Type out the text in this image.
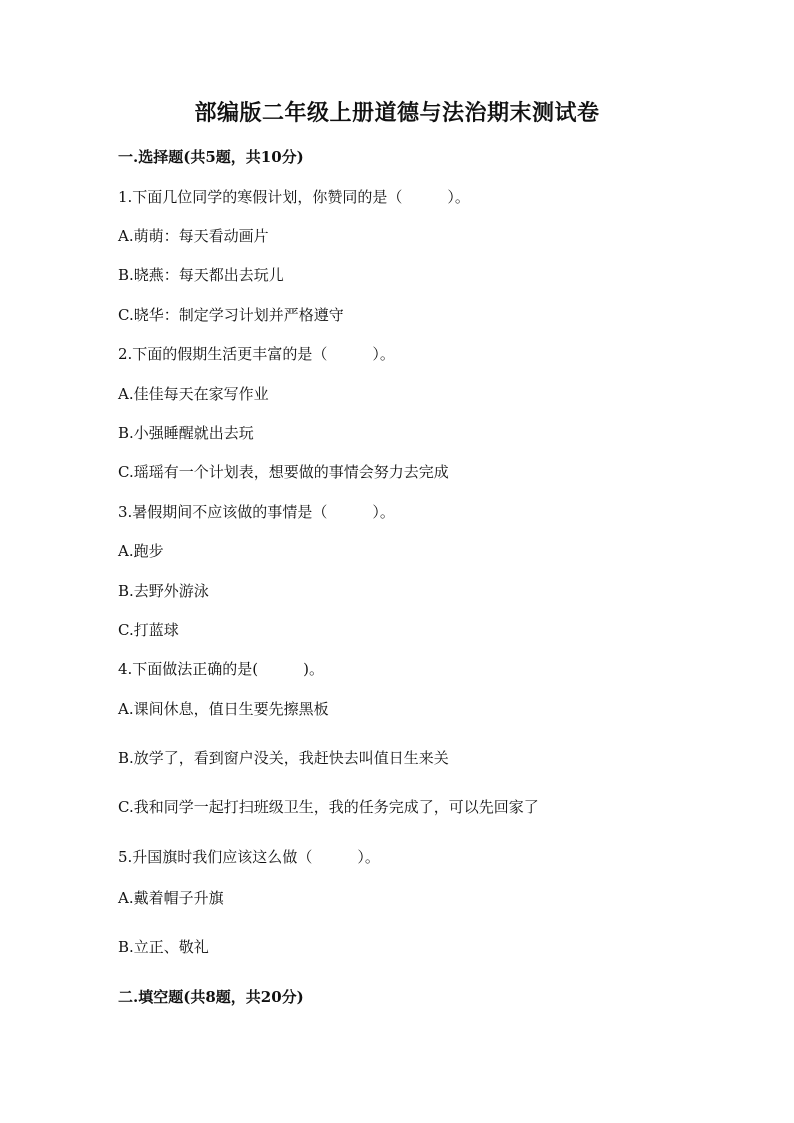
部编版二年级上册道德与法治期末测试卷
一.选择题(共5题，共10分)
1.下面几位同学的寒假计划，你赞同的是（　　　）。
A.萌萌：每天看动画片
B.晓燕：每天都出去玩儿
C.晓华：制定学习计划并严格遵守
2.下面的假期生活更丰富的是（　　　）。
A.佳佳每天在家写作业
B.小强睡醒就出去玩
C.瑶瑶有一个计划表，想要做的事情会努力去完成
3.暑假期间不应该做的事情是（　　　）。
A.跑步
B.去野外游泳
C.打蓝球
4.下面做法正确的是(　　　)。
A.课间休息，值日生要先擦黑板
B.放学了，看到窗户没关，我赶快去叫值日生来关
C.我和同学一起打扫班级卫生，我的任务完成了，可以先回家了
5.升国旗时我们应该这么做（　　　）。
A.戴着帽子升旗
B.立正、敬礼
二.填空题(共8题，共20分)
